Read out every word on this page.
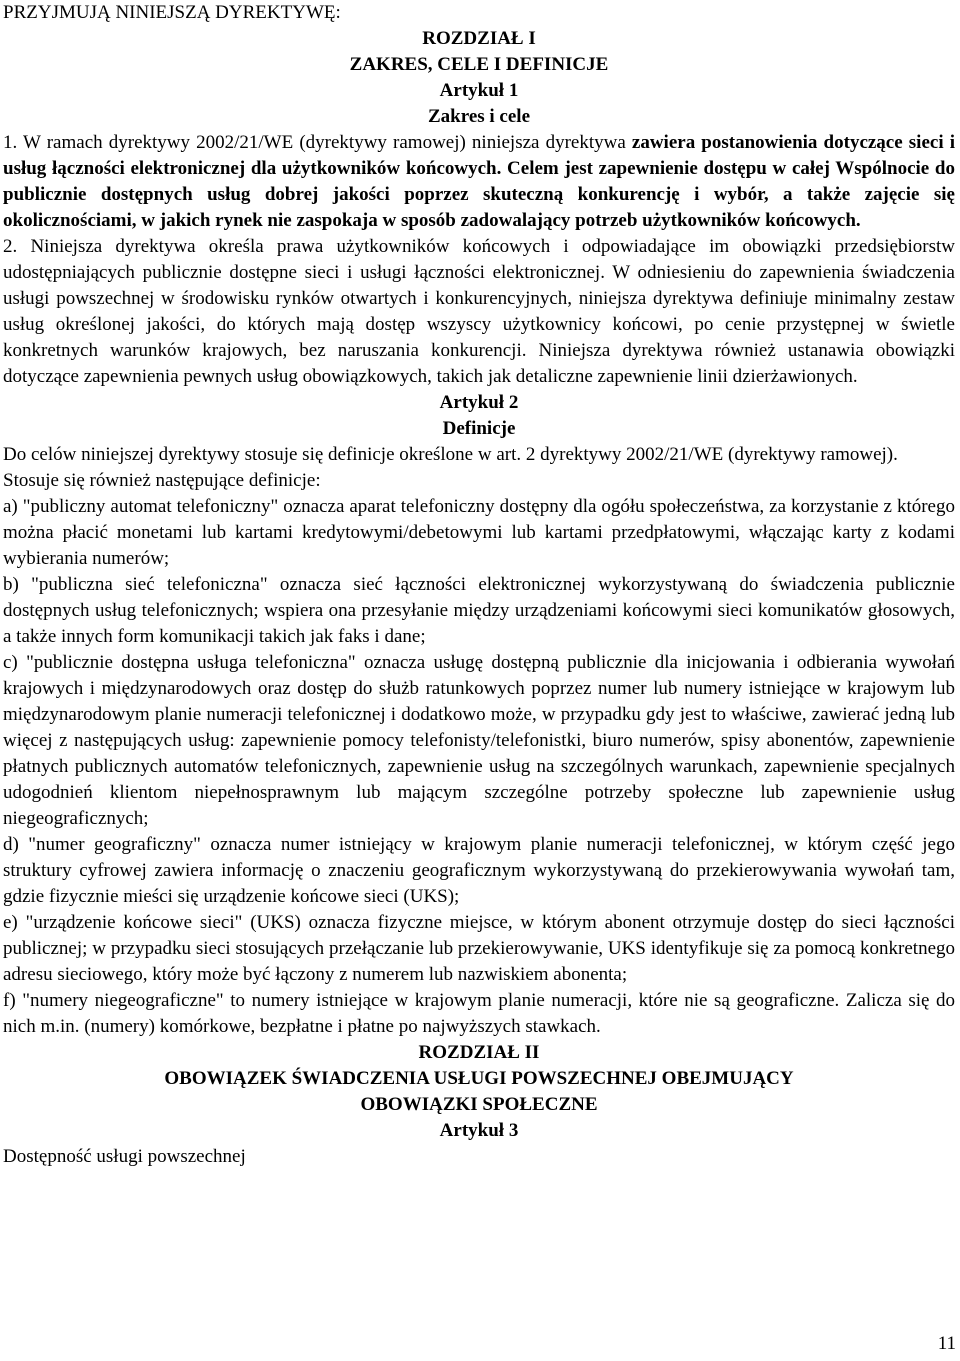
PRZYJMUJĄ NINIEJSZĄ DYREKTYWĘ:

ROZDZIAŁ I

ZAKRES, CELE I DEFINICJE

Artykuł 1

Zakres i cele

1. W ramach dyrektywy 2002/21/WE (dyrektywy ramowej) niniejsza dyrektywa zawiera postanowienia dotyczące sieci i usług łączności elektronicznej dla użytkowników końcowych. Celem jest zapewnienie dostępu w całej Wspólnocie do publicznie dostępnych usług dobrej jakości poprzez skuteczną konkurencję i wybór, a także zajęcie się okolicznościami, w jakich rynek nie zaspokaja w sposób zadowalający potrzeb użytkowników końcowych.

2. Niniejsza dyrektywa określa prawa użytkowników końcowych i odpowiadające im obowiązki przedsiębiorstw udostępniających publicznie dostępne sieci i usługi łączności elektronicznej. W odniesieniu do zapewnienia świadczenia usługi powszechnej w środowisku rynków otwartych i konkurencyjnych, niniejsza dyrektywa definiuje minimalny zestaw usług określonej jakości, do których mają dostęp wszyscy użytkownicy końcowi, po cenie przystępnej w świetle konkretnych warunków krajowych, bez naruszania konkurencji. Niniejsza dyrektywa również ustanawia obowiązki dotyczące zapewnienia pewnych usług obowiązkowych, takich jak detaliczne zapewnienie linii dzierżawionych.

Artykuł 2

Definicje

Do celów niniejszej dyrektywy stosuje się definicje określone w art. 2 dyrektywy 2002/21/WE (dyrektywy ramowej).

Stosuje się również następujące definicje:

a) "publiczny automat telefoniczny" oznacza aparat telefoniczny dostępny dla ogółu społeczeństwa, za korzystanie z którego można płacić monetami lub kartami kredytowymi/debetowymi lub kartami przedpłatowymi, włączając karty z kodami wybierania numerów;

b) "publiczna sieć telefoniczna" oznacza sieć łączności elektronicznej wykorzystywaną do świadczenia publicznie dostępnych usług telefonicznych; wspiera ona przesyłanie między urządzeniami końcowymi sieci komunikatów głosowych, a także innych form komunikacji takich jak faks i dane;

c) "publicznie dostępna usługa telefoniczna" oznacza usługę dostępną publicznie dla inicjowania i odbierania wywołań krajowych i międzynarodowych oraz dostęp do służb ratunkowych poprzez numer lub numery istniejące w krajowym lub międzynarodowym planie numeracji telefonicznej i dodatkowo może, w przypadku gdy jest to właściwe, zawierać jedną lub więcej z następujących usług: zapewnienie pomocy telefonisty/telefonistki, biuro numerów, spisy abonentów, zapewnienie płatnych publicznych automatów telefonicznych, zapewnienie usług na szczególnych warunkach, zapewnienie specjalnych udogodnień klientom niepełnosprawnym lub mającym szczególne potrzeby społeczne lub zapewnienie usług niegeograficznych;

d) "numer geograficzny" oznacza numer istniejący w krajowym planie numeracji telefonicznej, w którym część jego struktury cyfrowej zawiera informację o znaczeniu geograficznym wykorzystywaną do przekierowywania wywołań tam, gdzie fizycznie mieści się urządzenie końcowe sieci (UKS);

e) "urządzenie końcowe sieci" (UKS) oznacza fizyczne miejsce, w którym abonent otrzymuje dostęp do sieci łączności publicznej; w przypadku sieci stosujących przełączanie lub przekierowywanie, UKS identyfikuje się za pomocą konkretnego adresu sieciowego, który może być łączony z numerem lub nazwiskiem abonenta;

f) "numery niegeograficzne" to numery istniejące w krajowym planie numeracji, które nie są geograficzne. Zalicza się do nich m.in. (numery) komórkowe, bezpłatne i płatne po najwyższych stawkach.

ROZDZIAŁ II

OBOWIĄZEK ŚWIADCZENIA USŁUGI POWSZECHNEJ OBEJMUJĄCY

OBOWIĄZKI SPOŁECZNE

Artykuł 3

Dostępność usługi powszechnej

11
